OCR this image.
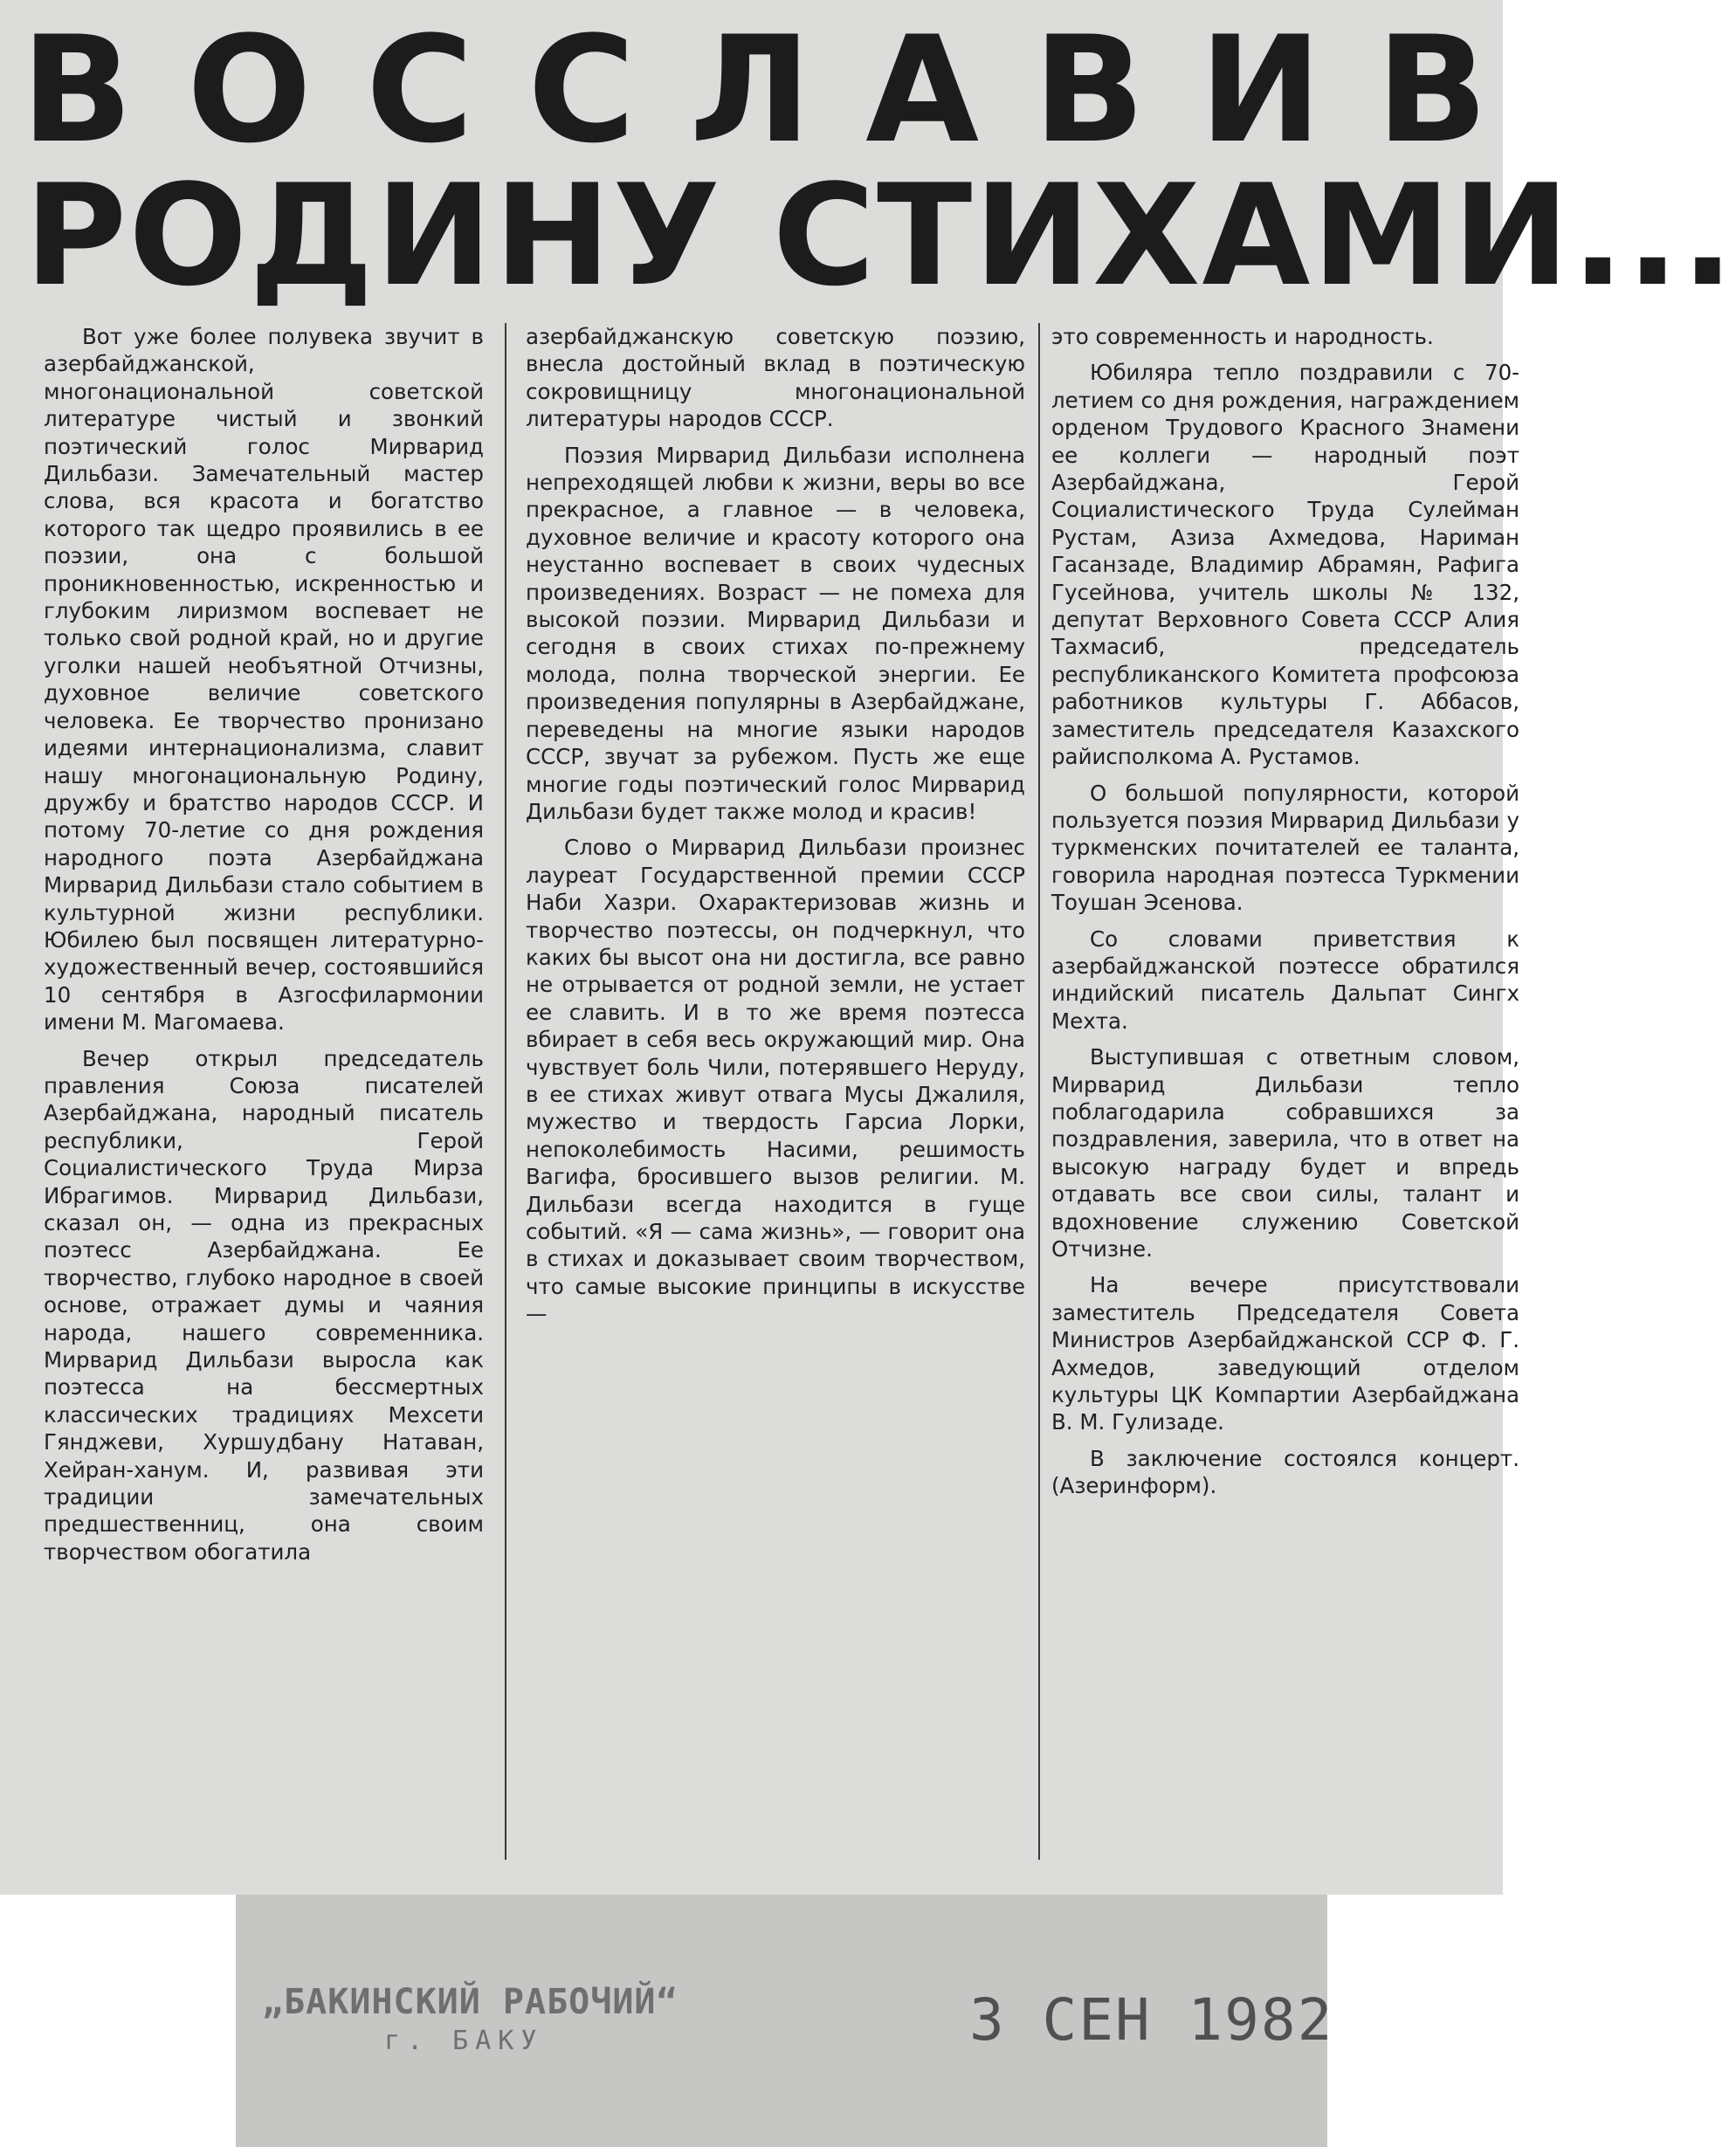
В О С С Л А В И В
РОДИНУ СТИХАМИ...

Вот уже более полувека звучит в азербайджанской, многонациональной советской литературе чистый и звонкий поэтический голос Мирварид Дильбази. Замечательный мастер слова, вся красота и богатство которого так щедро проявились в ее поэзии, она с большой проникновенностью, искренностью и глубоким лиризмом воспевает не только свой родной край, но и другие уголки нашей необъятной Отчизны, духовное величие советского человека. Ее творчество пронизано идеями интернационализма, славит нашу многонациональную Родину, дружбу и братство народов СССР. И потому 70-летие со дня рождения народного поэта Азербайджана Мирварид Дильбази стало событием в культурной жизни республики. Юбилею был посвящен литературно-художественный вечер, состоявшийся 10 сентября в Азгосфилармонии имени М. Магомаева.

Вечер открыл председатель правления Союза писателей Азербайджана, народный писатель республики, Герой Социалистического Труда Мирза Ибрагимов. Мирварид Дильбази, сказал он, — одна из прекрасных поэтесс Азербайджана. Ее творчество, глубоко народное в своей основе, отражает думы и чаяния народа, нашего современника. Мирварид Дильбази выросла как поэтесса на бессмертных классических традициях Мехсети Гянджеви, Хуршудбану Натаван, Хейран-ханум. И, развивая эти традиции замечательных предшественниц, она своим творчеством обогатила

азербайджанскую советскую поэзию, внесла достойный вклад в поэтическую сокровищницу многонациональной литературы народов СССР.

Поэзия Мирварид Дильбази исполнена непреходящей любви к жизни, веры во все прекрасное, а главное — в человека, духовное величие и красоту которого она неустанно воспевает в своих чудесных произведениях. Возраст — не помеха для высокой поэзии. Мирварид Дильбази и сегодня в своих стихах по-прежнему молода, полна творческой энергии. Ее произведения популярны в Азербайджане, переведены на многие языки народов СССР, звучат за рубежом. Пусть же еще многие годы поэтический голос Мирварид Дильбази будет также молод и красив!

Слово о Мирварид Дильбази произнес лауреат Государственной премии СССР Наби Хазри. Охарактеризовав жизнь и творчество поэтессы, он подчеркнул, что каких бы высот она ни достигла, все равно не отрывается от родной земли, не устает ее славить. И в то же время поэтесса вбирает в себя весь окружающий мир. Она чувствует боль Чили, потерявшего Неруду, в ее стихах живут отвага Мусы Джалиля, мужество и твердость Гарсиа Лорки, непоколебимость Насими, решимость Вагифа, бросившего вызов религии. М. Дильбази всегда находится в гуще событий. «Я — сама жизнь», — говорит она в стихах и доказывает своим творчеством, что самые высокие принципы в искусстве —

это современность и народность.

Юбиляра тепло поздравили с 70-летием со дня рождения, награждением орденом Трудового Красного Знамени ее коллеги — народный поэт Азербайджана, Герой Социалистического Труда Сулейман Рустам, Азиза Ахмедова, Нариман Гасанзаде, Владимир Абрамян, Рафига Гусейнова, учитель школы № 132, депутат Верховного Совета СССР Алия Тахмасиб, председатель республиканского Комитета профсоюза работников культуры Г. Аббасов, заместитель председателя Казахского райисполкома А. Рустамов.

О большой популярности, которой пользуется поэзия Мирварид Дильбази у туркменских почитателей ее таланта, говорила народная поэтесса Туркмении Тоушан Эсенова.

Со словами приветствия к азербайджанской поэтессе обратился индийский писатель Дальпат Сингх Мехта.

Выступившая с ответным словом, Мирварид Дильбази тепло поблагодарила собравшихся за поздравления, заверила, что в ответ на высокую награду будет и впредь отдавать все свои силы, талант и вдохновение служению Советской Отчизне.

На вечере присутствовали заместитель Председателя Совета Министров Азербайджанской ССР Ф. Г. Ахмедов, заведующий отделом культуры ЦК Компартии Азербайджана В. М. Гулизаде.

В заключение состоялся концерт. (Азеринформ).

„БАКИНСКИЙ РАБОЧИЙ“
г. БАКУ	3 СЕН 1982
